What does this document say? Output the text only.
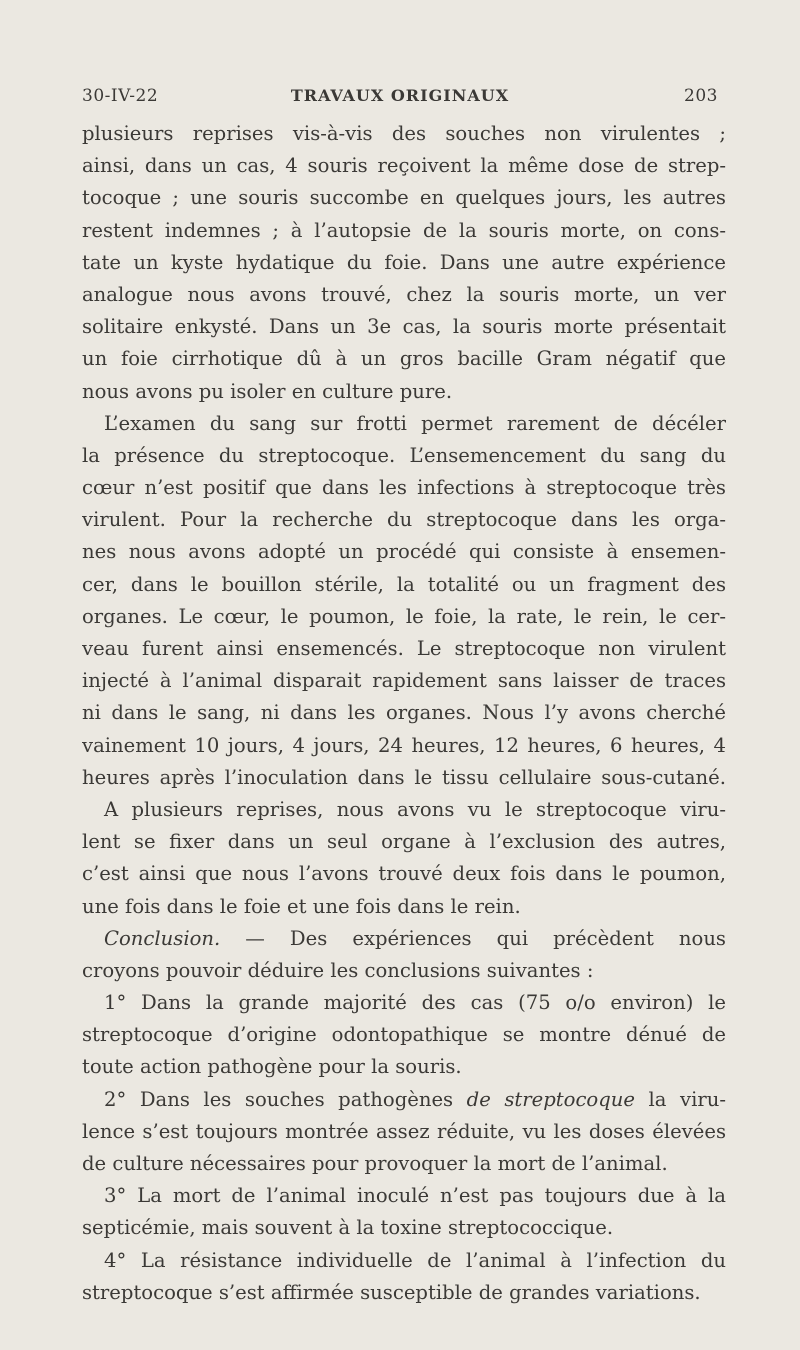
30-IV-22	TRAVAUX ORIGINAUX	203
plusieurs reprises vis-à-vis des souches non virulentes ;
ainsi, dans un cas, 4 souris reçoivent la même dose de strep-
tocoque ; une souris succombe en quelques jours, les autres
restent indemnes ; à l’autopsie de la souris morte, on cons-
tate un kyste hydatique du foie. Dans une autre expérience
analogue nous avons trouvé, chez la souris morte, un ver
solitaire enkysté. Dans un 3e cas, la souris morte présentait
un foie cirrhotique dû à un gros bacille Gram négatif que
nous avons pu isoler en culture pure.
L’examen du sang sur frotti permet rarement de décéler
la présence du streptocoque. L’ensemencement du sang du
cœur n’est positif que dans les infections à streptocoque très
virulent. Pour la recherche du streptocoque dans les orga-
nes nous avons adopté un procédé qui consiste à ensemen-
cer, dans le bouillon stérile, la totalité ou un fragment des
organes. Le cœur, le poumon, le foie, la rate, le rein, le cer-
veau furent ainsi ensemencés. Le streptocoque non virulent
injecté à l’animal disparait rapidement sans laisser de traces
ni dans le sang, ni dans les organes. Nous l’y avons cherché
vainement 10 jours, 4 jours, 24 heures, 12 heures, 6 heures, 4
heures après l’inoculation dans le tissu cellulaire sous-cutané.
A plusieurs reprises, nous avons vu le streptocoque viru-
lent se fixer dans un seul organe à l’exclusion des autres,
c’est ainsi que nous l’avons trouvé deux fois dans le poumon,
une fois dans le foie et une fois dans le rein.
Conclusion. — Des expériences qui précèdent nous
croyons pouvoir déduire les conclusions suivantes :
1° Dans la grande majorité des cas (75 o/o environ) le
streptocoque d’origine odontopathique se montre dénué de
toute action pathogène pour la souris.
2° Dans les souches pathogènes de streptocoque la viru-
lence s’est toujours montrée assez réduite, vu les doses élevées
de culture nécessaires pour provoquer la mort de l’animal.
3° La mort de l’animal inoculé n’est pas toujours due à la
septicémie, mais souvent à la toxine streptococcique.
4° La résistance individuelle de l’animal à l’infection du
streptocoque s’est affirmée susceptible de grandes variations.
